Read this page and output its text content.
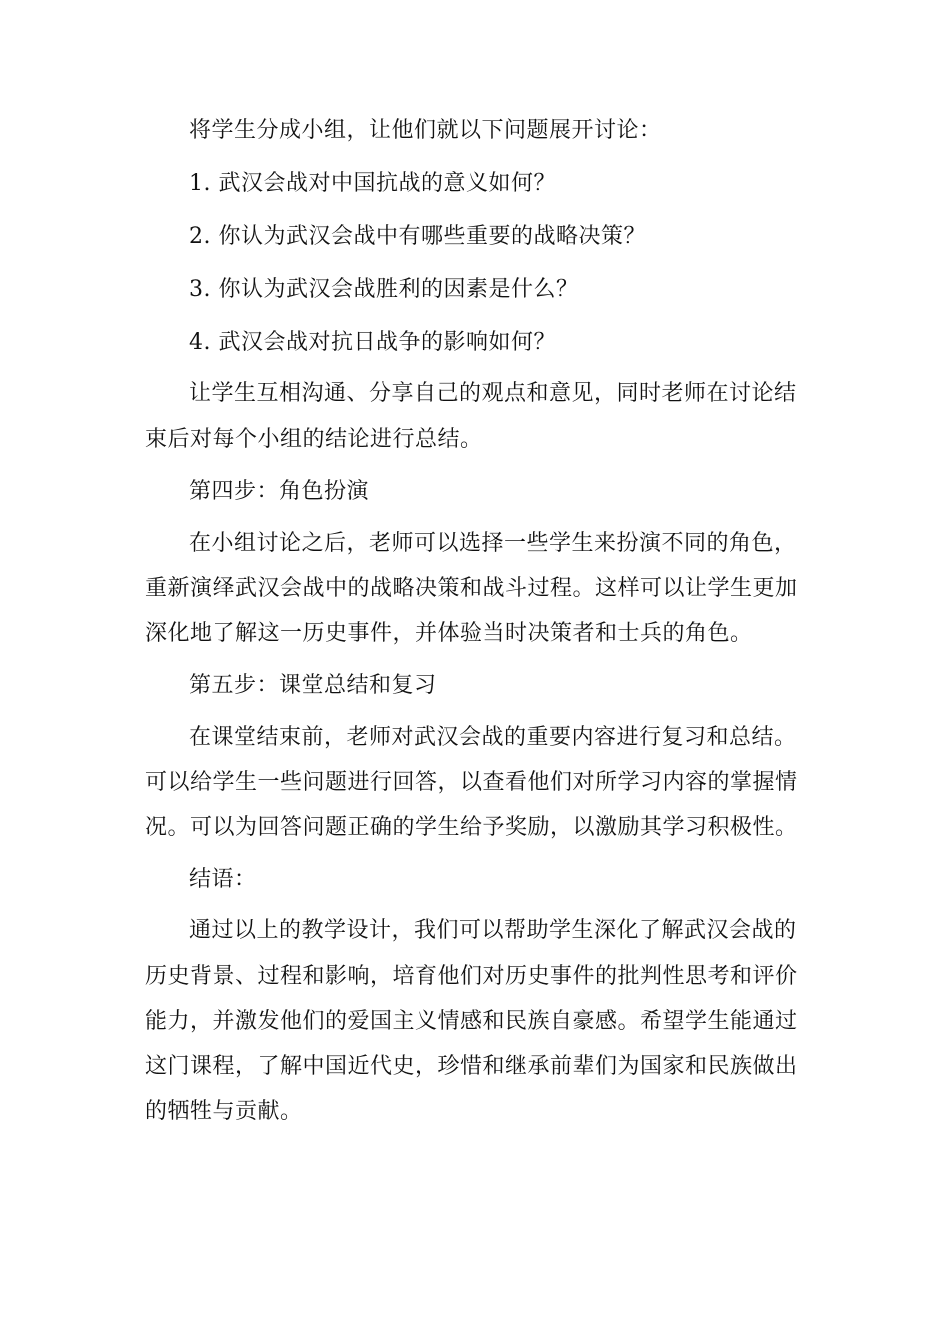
将学生分成小组，让他们就以下问题展开讨论：
1. 武汉会战对中国抗战的意义如何？
2. 你认为武汉会战中有哪些重要的战略决策？
3. 你认为武汉会战胜利的因素是什么？
4. 武汉会战对抗日战争的影响如何？
让学生互相沟通、分享自己的观点和意见，同时老师在讨论结
束后对每个小组的结论进行总结。
第四步：角色扮演
在小组讨论之后，老师可以选择一些学生来扮演不同的角色，
重新演绎武汉会战中的战略决策和战斗过程。这样可以让学生更加
深化地了解这一历史事件，并体验当时决策者和士兵的角色。
第五步：课堂总结和复习
在课堂结束前，老师对武汉会战的重要内容进行复习和总结。
可以给学生一些问题进行回答，以查看他们对所学习内容的掌握情
况。可以为回答问题正确的学生给予奖励，以激励其学习积极性。
结语：
通过以上的教学设计，我们可以帮助学生深化了解武汉会战的
历史背景、过程和影响，培育他们对历史事件的批判性思考和评价
能力，并激发他们的爱国主义情感和民族自豪感。希望学生能通过
这门课程，了解中国近代史，珍惜和继承前辈们为国家和民族做出
的牺牲与贡献。
